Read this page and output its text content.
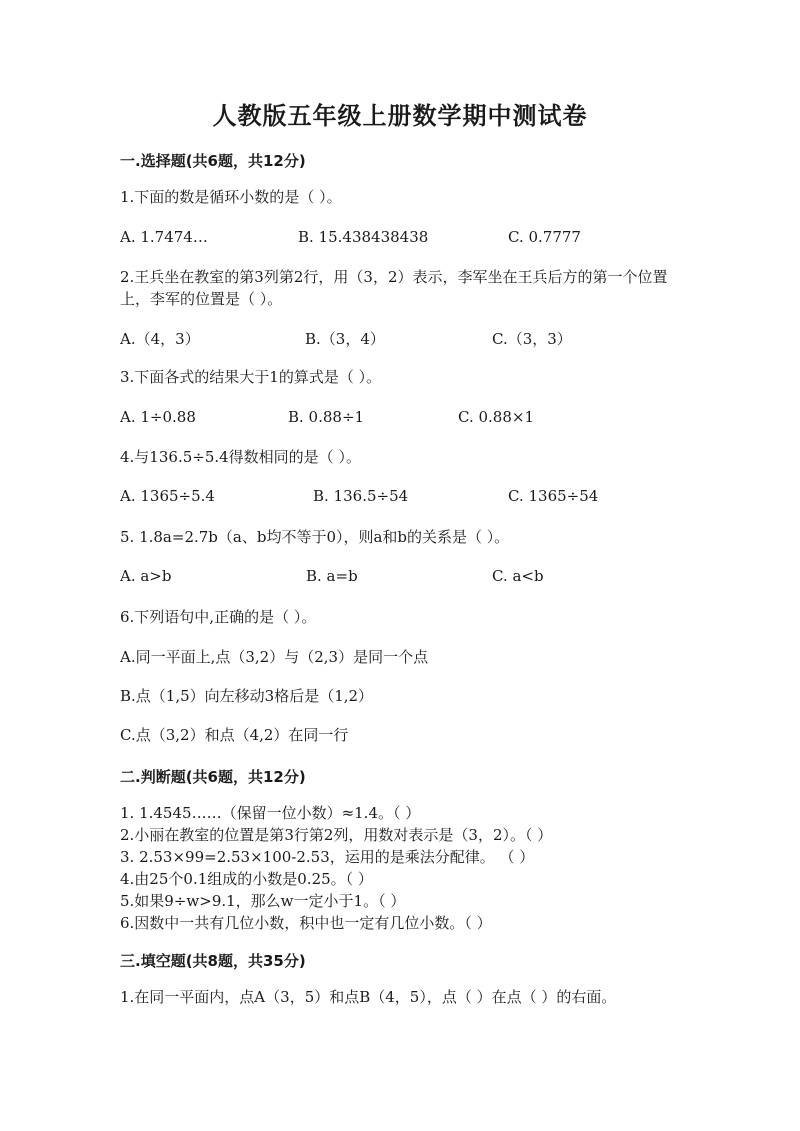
人教版五年级上册数学期中测试卷
一.选择题(共6题，共12分)
1.下面的数是循环小数的是（ ）。
A. 1.7474…	B. 15.438438438	C. 0.7777
2.王兵坐在教室的第3列第2行，用（3，2）表示，李军坐在王兵后方的第一个位置上，李军的位置是（ ）。
A.（4，3）	B.（3，4）	C.（3，3）
3.下面各式的结果大于1的算式是（ ）。
A. 1÷0.88	B. 0.88÷1	C. 0.88×1
4.与136.5÷5.4得数相同的是（ ）。
A. 1365÷5.4	B. 136.5÷54	C. 1365÷54
5. 1.8a=2.7b（a、b均不等于0），则a和b的关系是（ ）。
A. a>b	B. a=b	C. a<b
6.下列语句中,正确的是（ ）。
A.同一平面上,点（3,2）与（2,3）是同一个点
B.点（1,5）向左移动3格后是（1,2）
C.点（3,2）和点（4,2）在同一行
二.判断题(共6题，共12分)
1. 1.4545……（保留一位小数）≈1.4。（ ）
2.小丽在教室的位置是第3行第2列，用数对表示是（3，2）。（ ）
3. 2.53×99=2.53×100-2.53，运用的是乘法分配律。 （ ）
4.由25个0.1组成的小数是0.25。（ ）
5.如果9÷w>9.1，那么w一定小于1。（ ）
6.因数中一共有几位小数，积中也一定有几位小数。（ ）
三.填空题(共8题，共35分)
1.在同一平面内，点A（3，5）和点B（4，5），点（ ）在点（ ）的右面。
